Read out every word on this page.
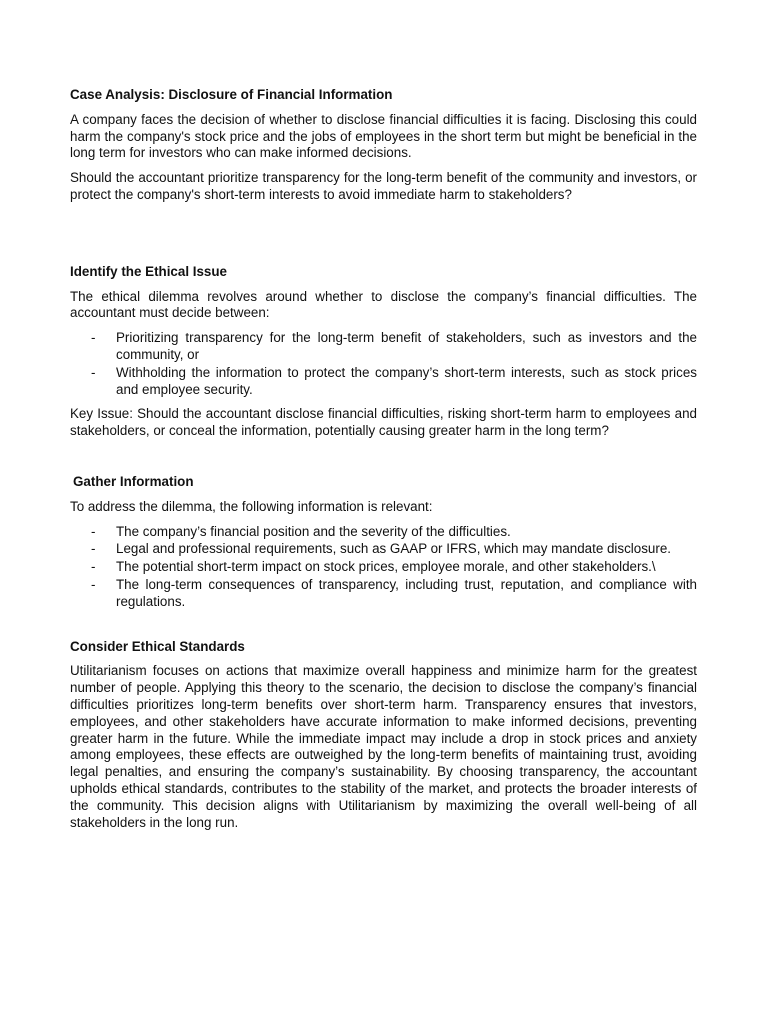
Case Analysis: Disclosure of Financial Information

A company faces the decision of whether to disclose financial difficulties it is facing. Disclosing this could harm the company's stock price and the jobs of employees in the short term but might be beneficial in the long term for investors who can make informed decisions.

Should the accountant prioritize transparency for the long-term benefit of the community and investors, or protect the company's short-term interests to avoid immediate harm to stakeholders?

Identify the Ethical Issue

The ethical dilemma revolves around whether to disclose the company’s financial difficulties. The accountant must decide between:

- Prioritizing transparency for the long-term benefit of stakeholders, such as investors and the community, or
- Withholding the information to protect the company’s short-term interests, such as stock prices and employee security.

Key Issue: Should the accountant disclose financial difficulties, risking short-term harm to employees and stakeholders, or conceal the information, potentially causing greater harm in the long term?

Gather Information

To address the dilemma, the following information is relevant:

- The company’s financial position and the severity of the difficulties.
- Legal and professional requirements, such as GAAP or IFRS, which may mandate disclosure.
- The potential short-term impact on stock prices, employee morale, and other stakeholders.\
- The long-term consequences of transparency, including trust, reputation, and compliance with regulations.
Consider Ethical Standards

Utilitarianism focuses on actions that maximize overall happiness and minimize harm for the greatest number of people. Applying this theory to the scenario, the decision to disclose the company’s financial difficulties prioritizes long-term benefits over short-term harm. Transparency ensures that investors, employees, and other stakeholders have accurate information to make informed decisions, preventing greater harm in the future. While the immediate impact may include a drop in stock prices and anxiety among employees, these effects are outweighed by the long-term benefits of maintaining trust, avoiding legal penalties, and ensuring the company’s sustainability. By choosing transparency, the accountant upholds ethical standards, contributes to the stability of the market, and protects the broader interests of the community. This decision aligns with Utilitarianism by maximizing the overall well-being of all stakeholders in the long run.
